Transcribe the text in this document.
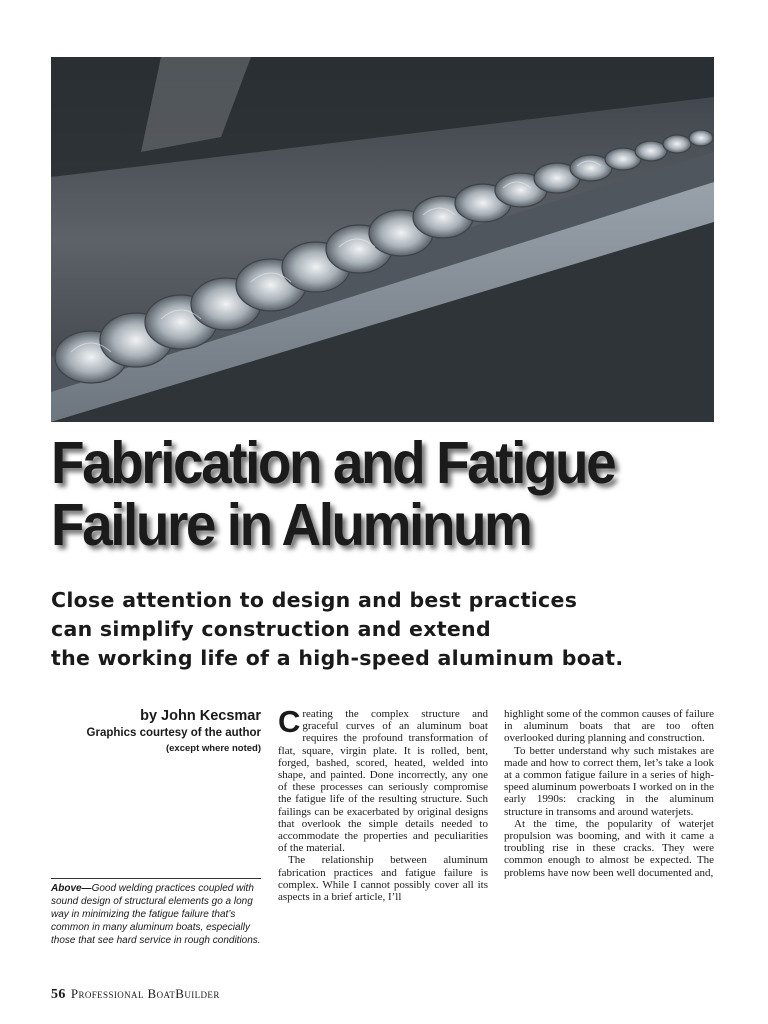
Fabrication and Fatigue
Failure in Aluminum
Close attention to design and best practices
can simplify construction and extend
the working life of a high-speed aluminum boat.
by John Kecsmar
Graphics courtesy of the author
(except where noted)
Above—Good welding practices coupled with sound design of structural elements go a long way in minimizing the fatigue failure that’s common in many aluminum boats, especially those that see hard service in rough conditions.

Creating the complex structure and graceful curves of an aluminum boat requires the profound transformation of flat, square, virgin plate. It is rolled, bent, forged, bashed, scored, heated, welded into shape, and painted. Done incorrectly, any one of these processes can seriously compromise the fatigue life of the resulting structure. Such failings can be exacerbated by original designs that overlook the simple details needed to accommodate the properties and peculiarities of the material.

The relationship between aluminum fabrication practices and fatigue failure is complex. While I cannot possibly cover all its aspects in a brief article, I’ll

highlight some of the common causes of failure in aluminum boats that are too often overlooked during planning and construction.

To better understand why such mistakes are made and how to correct them, let’s take a look at a common fatigue failure in a series of high-speed aluminum powerboats I worked on in the early 1990s: cracking in the aluminum structure in transoms and around waterjets.

At the time, the popularity of waterjet propulsion was booming, and with it came a troubling rise in these cracks. They were common enough to almost be expected. The problems have now been well documented and,

56 Professional BoatBuilder
